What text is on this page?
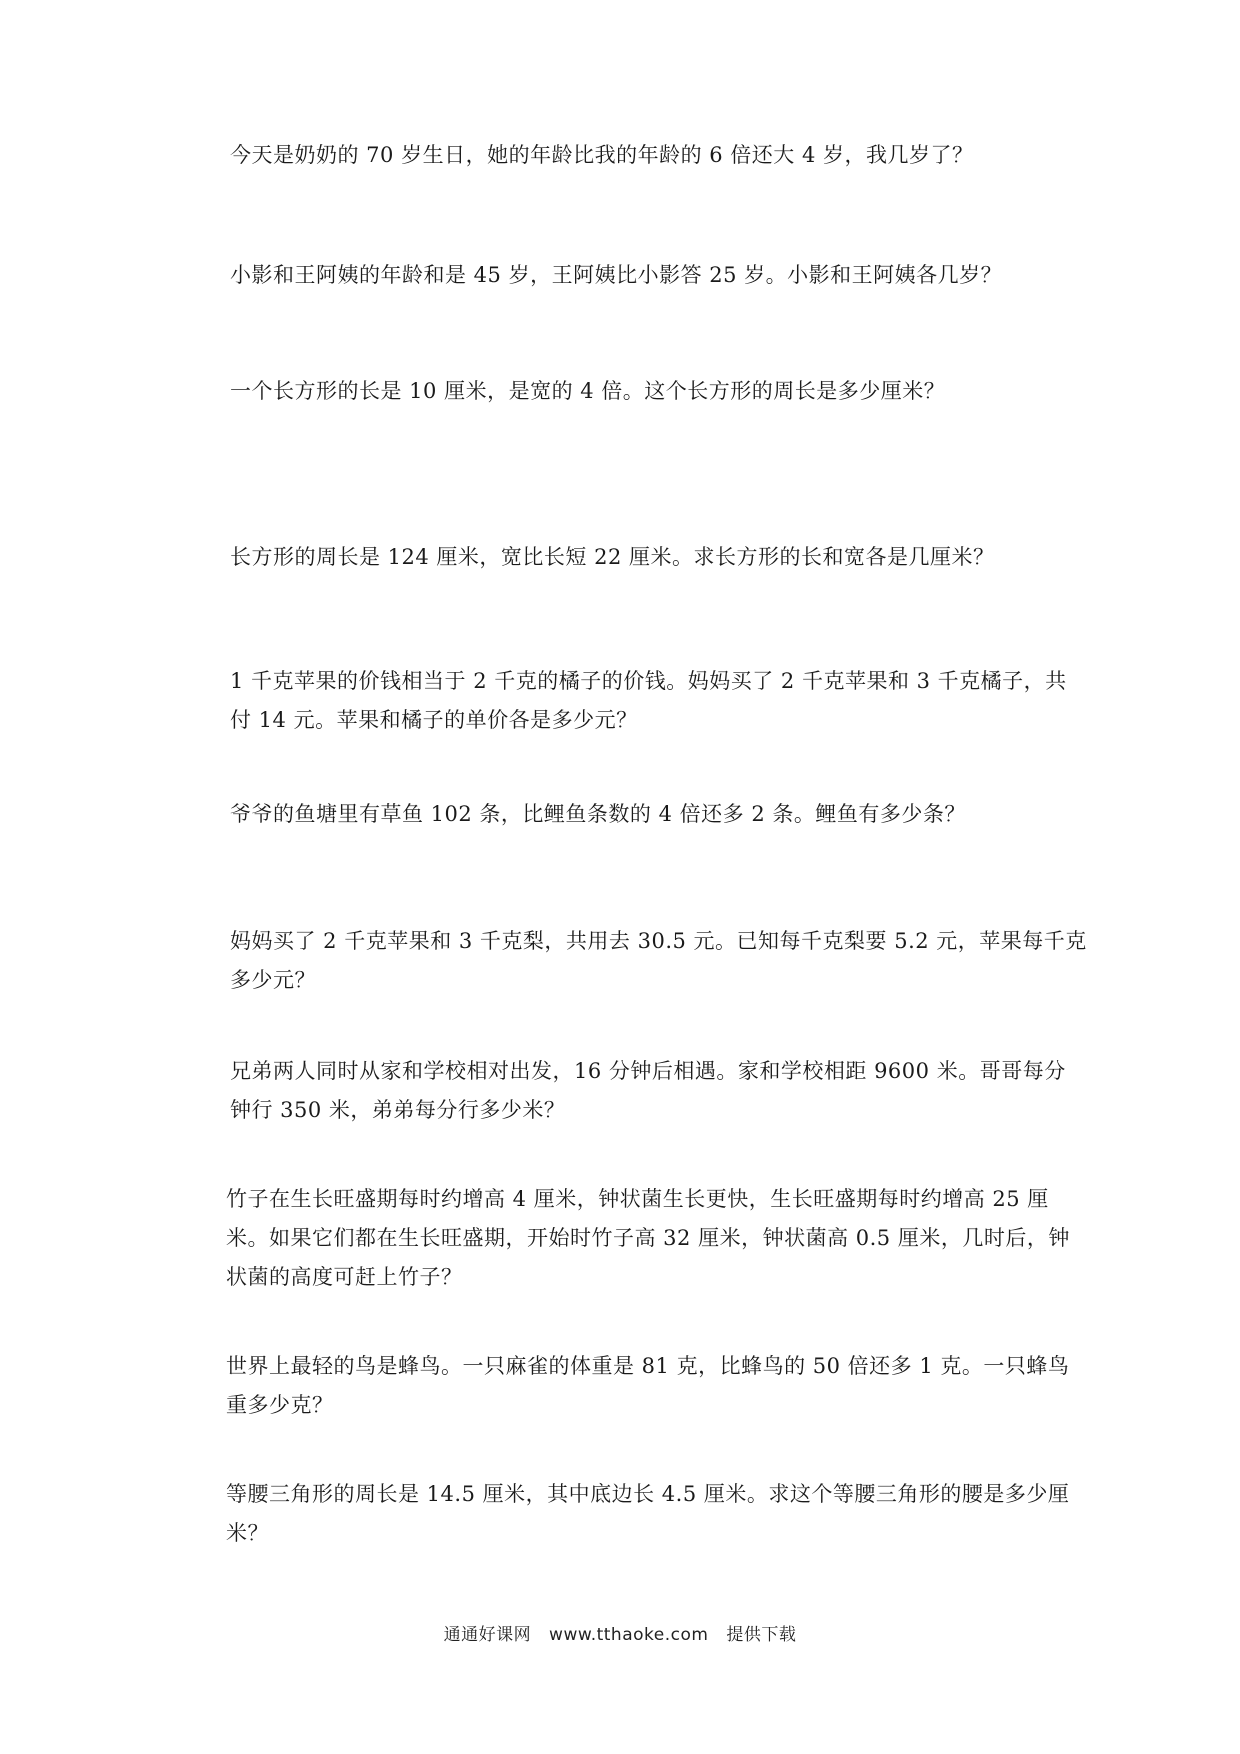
今天是奶奶的 70 岁生日，她的年龄比我的年龄的 6 倍还大 4 岁，我几岁了？
小影和王阿姨的年龄和是 45 岁，王阿姨比小影答 25 岁。小影和王阿姨各几岁？
一个长方形的长是 10 厘米，是宽的 4 倍。这个长方形的周长是多少厘米？
长方形的周长是 124 厘米，宽比长短 22 厘米。求长方形的长和宽各是几厘米？
1 千克苹果的价钱相当于 2 千克的橘子的价钱。妈妈买了 2 千克苹果和 3 千克橘子，共
付 14 元。苹果和橘子的单价各是多少元？
爷爷的鱼塘里有草鱼 102 条，比鲤鱼条数的 4 倍还多 2 条。鲤鱼有多少条？
妈妈买了 2 千克苹果和 3 千克梨，共用去 30.5 元。已知每千克梨要 5.2 元，苹果每千克
多少元？
兄弟两人同时从家和学校相对出发，16 分钟后相遇。家和学校相距 9600 米。哥哥每分
钟行 350 米，弟弟每分行多少米？
竹子在生长旺盛期每时约增高 4 厘米，钟状菌生长更快，生长旺盛期每时约增高 25 厘
米。如果它们都在生长旺盛期，开始时竹子高 32 厘米，钟状菌高 0.5 厘米，几时后，钟
状菌的高度可赶上竹子？
世界上最轻的鸟是蜂鸟。一只麻雀的体重是 81 克，比蜂鸟的 50 倍还多 1 克。一只蜂鸟
重多少克？
等腰三角形的周长是 14.5 厘米，其中底边长 4.5 厘米。求这个等腰三角形的腰是多少厘
米？
通通好课网 www.tthaoke.com 提供下载
